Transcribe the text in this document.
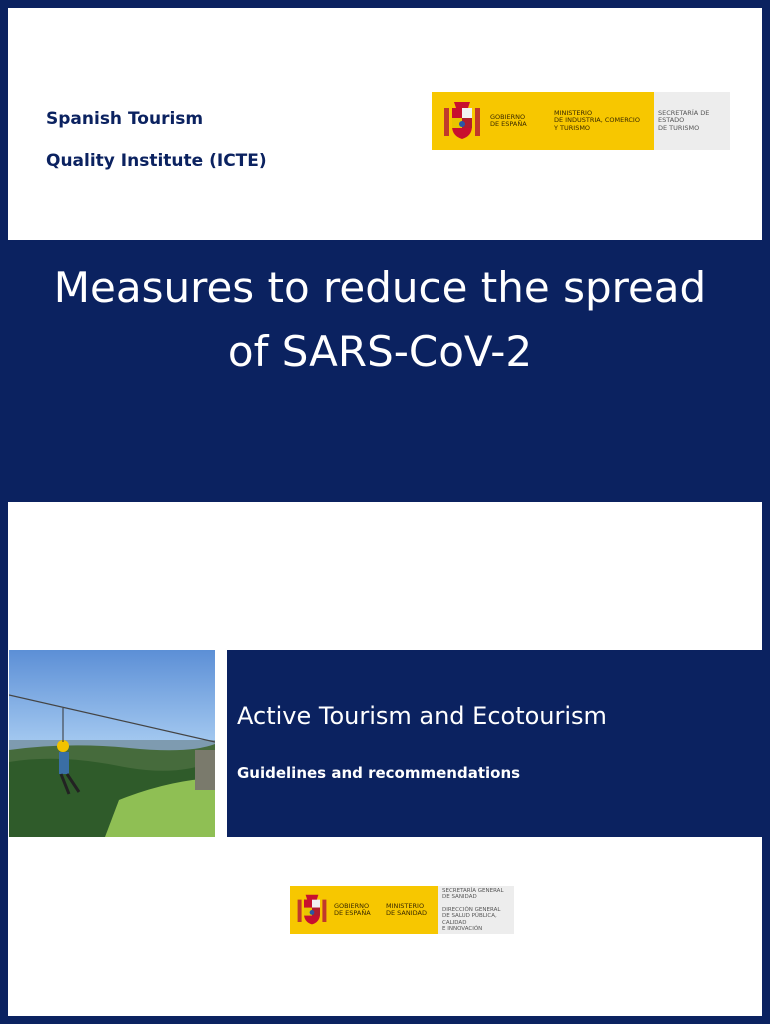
Spanish Tourism
Quality Institute (ICTE)
GOBIERNO
DE ESPAÑA
MINISTERIO
DE INDUSTRIA, COMERCIO
Y TURISMO
SECRETARÍA DE ESTADO
DE TURISMO
Measures to reduce the spread
of SARS-CoV-2
Active Tourism and Ecotourism
Guidelines and recommendations
GOBIERNO
DE ESPAÑA
MINISTERIO
DE SANIDAD
SECRETARÍA GENERAL
DE SANIDAD
DIRECCIÓN GENERAL
DE SALUD PÚBLICA, CALIDAD
E INNOVACIÓN
